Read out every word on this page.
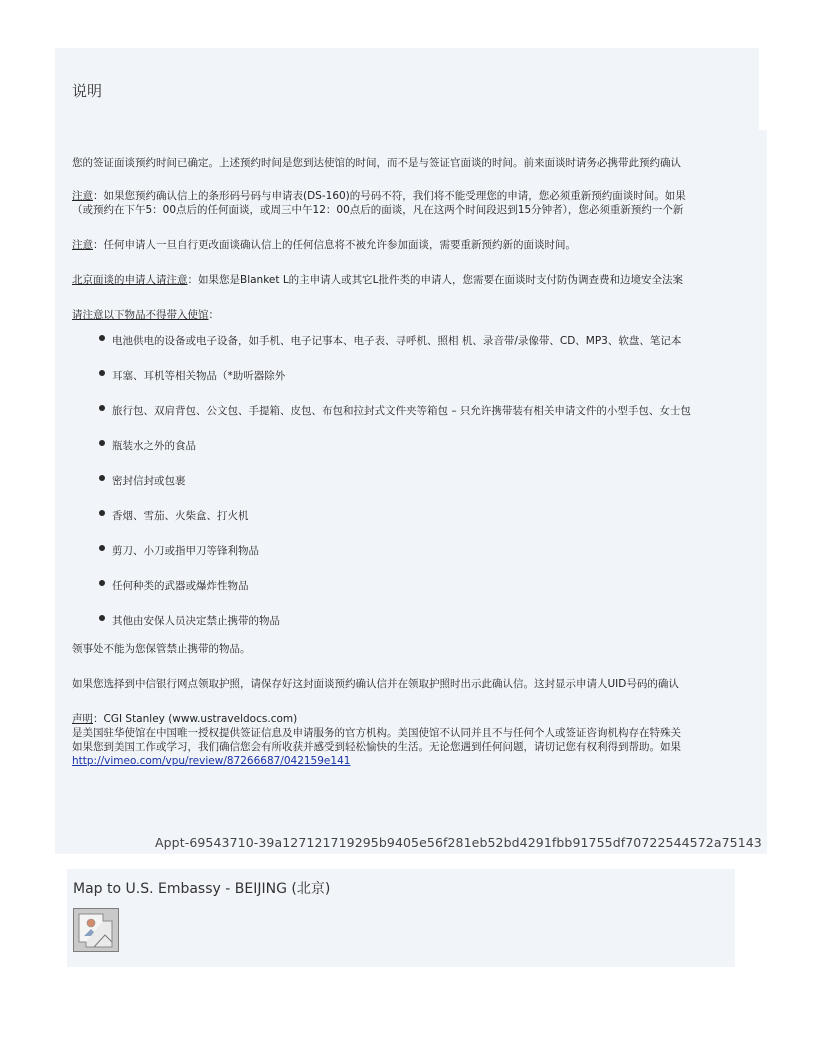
说明

您的签证面谈预约时间已确定。上述预约时间是您到达使馆的时间，而不是与签证官面谈的时间。前来面谈时请务必携带此预约确认

注意：如果您预约确认信上的条形码号码与申请表(DS-160)的号码不符，我们将不能受理您的申请，您必须重新预约面谈时间。如果

（或预约在下午5：00点后的任何面谈，或周三中午12：00点后的面谈，凡在这两个时间段迟到15分钟者），您必须重新预约一个新

注意：任何申请人一旦自行更改面谈确认信上的任何信息将不被允许参加面谈，需要重新预约新的面谈时间。

北京面谈的申请人请注意：如果您是Blanket L的主申请人或其它L批件类的申请人，您需要在面谈时支付防伪调查费和边境安全法案

请注意以下物品不得带入使馆：

电池供电的设备或电子设备，如手机、电子记事本、电子表、寻呼机、照相 机、录音带/录像带、CD、MP3、软盘、笔记本
耳塞、耳机等相关物品（*助听器除外
旅行包、双肩背包、公文包、手提箱、皮包、布包和拉封式文件夹等箱包 – 只允许携带装有相关申请文件的小型手包、女士包
瓶装水之外的食品
密封信封或包裹
香烟、雪茄、火柴盒、打火机
剪刀、小刀或指甲刀等锋利物品
任何种类的武器或爆炸性物品
其他由安保人员决定禁止携带的物品

领事处不能为您保管禁止携带的物品。

如果您选择到中信银行网点领取护照，请保存好这封面谈预约确认信并在领取护照时出示此确认信。这封显示申请人UID号码的确认

声明：CGI Stanley (www.ustraveldocs.com)

是美国驻华使馆在中国唯一授权提供签证信息及申请服务的官方机构。美国使馆不认同并且不与任何个人或签证咨询机构存在特殊关

如果您到美国工作或学习，我们确信您会有所收获并感受到轻松愉快的生活。无论您遇到任何问题，请切记您有权利得到帮助。如果

http://vimeo.com/vpu/review/87266687/042159e141

Appt-69543710-39a127121719295b9405e56f281eb52bd4291fbb91755df70722544572a75143
Map to U.S. Embassy - BEIJING (北京)
